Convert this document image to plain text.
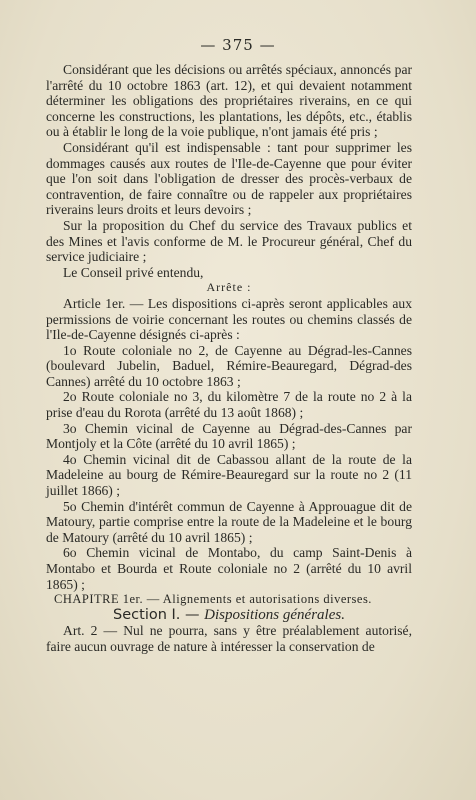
— 375 —

Considérant que les décisions ou arrêtés spéciaux, annoncés par l'arrêté du 10 octobre 1863 (art. 12), et qui devaient notamment déterminer les obligations des propriétaires riverains, en ce qui concerne les constructions, les plantations, les dépôts, etc., établis ou à établir le long de la voie publique, n'ont jamais été pris ;

Considérant qu'il est indispensable : tant pour supprimer les dommages causés aux routes de l'Ile-de-Cayenne que pour éviter que l'on soit dans l'obligation de dresser des procès-verbaux de contravention, de faire connaître ou de rappeler aux propriétaires riverains leurs droits et leurs devoirs ;

Sur la proposition du Chef du service des Travaux publics et des Mines et l'avis conforme de M. le Procureur général, Chef du service judiciaire ;

Le Conseil privé entendu,

Arrête :

Article 1er. — Les dispositions ci-après seront applicables aux permissions de voirie concernant les routes ou chemins classés de l'Ile-de-Cayenne désignés ci-après :

1o Route coloniale no 2, de Cayenne au Dégrad-les-Cannes (boulevard Jubelin, Baduel, Rémire-Beauregard, Dégrad-des Cannes) arrêté du 10 octobre 1863 ;

2o Route coloniale no 3, du kilomètre 7 de la route no 2 à la prise d'eau du Rorota (arrêté du 13 août 1868) ;

3o Chemin vicinal de Cayenne au Dégrad-des-Cannes par Montjoly et la Côte (arrêté du 10 avril 1865) ;

4o Chemin vicinal dit de Cabassou allant de la route de la Madeleine au bourg de Rémire-Beauregard sur la route no 2 (11 juillet 1866) ;

5o Chemin d'intérêt commun de Cayenne à Approuague dit de Matoury, partie comprise entre la route de la Madeleine et le bourg de Matoury (arrêté du 10 avril 1865) ;

6o Chemin vicinal de Montabo, du camp Saint-Denis à Montabo et Bourda et Route coloniale no 2 (arrêté du 10 avril 1865) ;

CHAPITRE 1er. — Alignements et autorisations diverses.

Section I. — Dispositions générales.

Art. 2 — Nul ne pourra, sans y être préalablement autorisé, faire aucun ouvrage de nature à intéresser la conservation de
